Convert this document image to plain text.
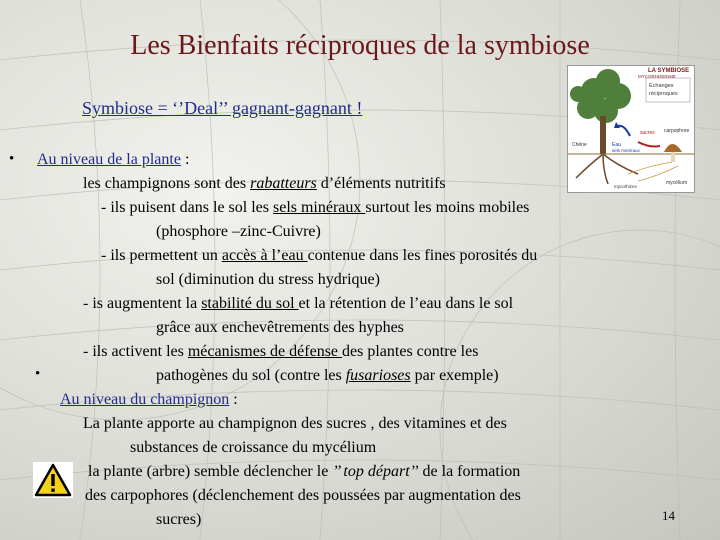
Les Bienfaits réciproques de la symbiose
Symbiose = ‘’Deal’’ gagnant-gagnant !
Échanges
réciproques
LA SYMBIOSE
MYCORHIZIENNE
sucres
Chêne	Eau
sels minéraux
carpophore
mycorhizes
mycélium
• Au niveau de la plante :
les champignons sont des rabatteurs d’éléments nutritifs
- ils puisent dans le sol les sels minéraux surtout les moins mobiles
(phosphore –zinc-Cuivre)
- ils permettent un accès à l’eau contenue dans les fines porosités du
sol (diminution du stress hydrique)
- is augmentent la stabilité du sol et la rétention de l’eau dans le sol
grâce aux enchevêtrements des hyphes
- ils activent les mécanismes de défense des plantes contre les
pathogènes du sol (contre les fusarioses par exemple)
•
Au niveau du champignon :
La plante apporte au champignon des sucres , des vitamines et des
substances de croissance du mycélium
la plante (arbre) semble déclencher le ’’ top départ’’ de la formation
des carpophores (déclenchement des poussées par augmentation des
sucres)	14
